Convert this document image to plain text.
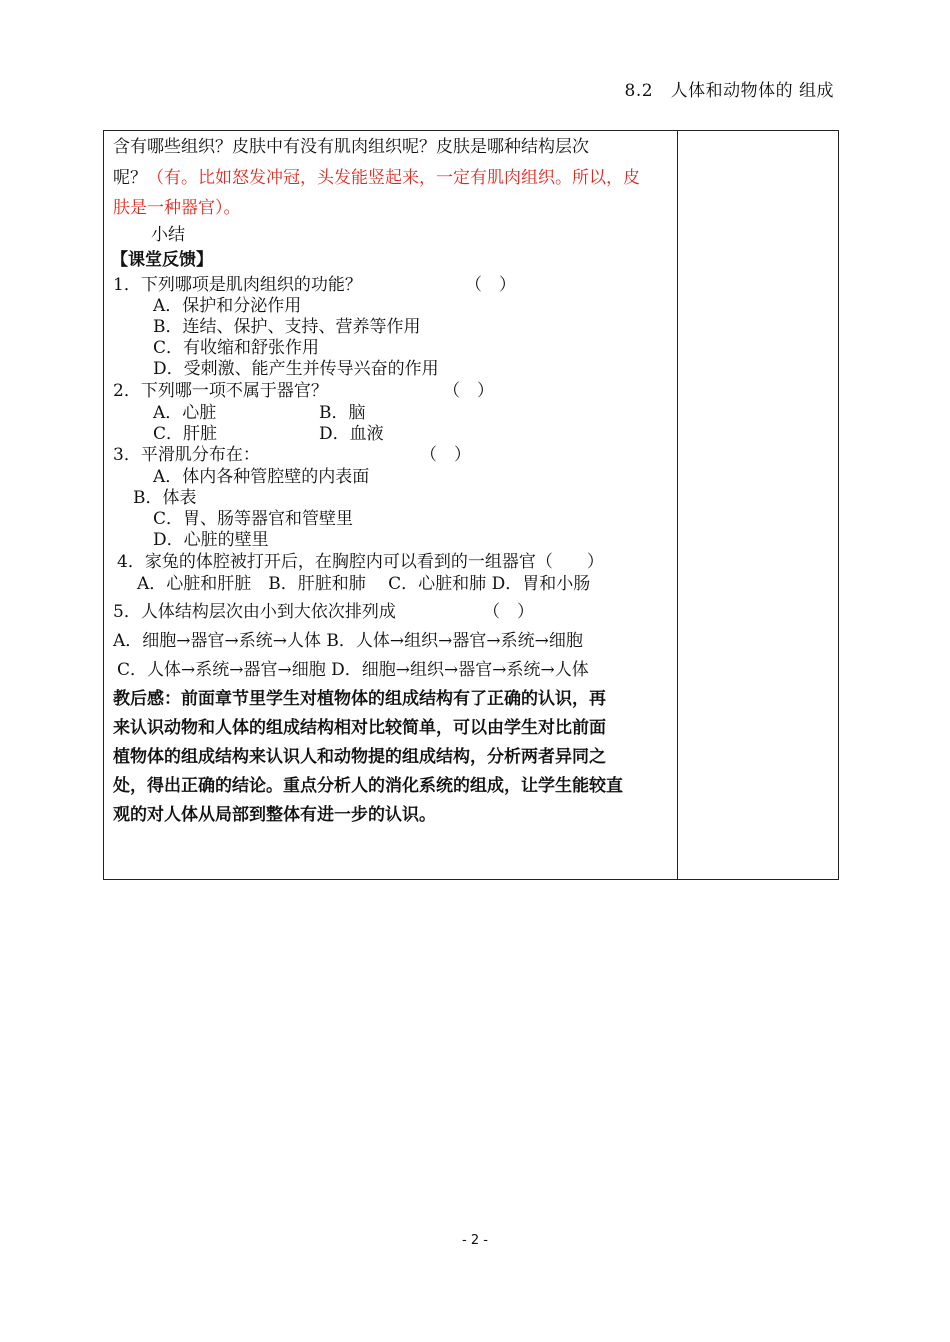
8.2　人体和动物体的 组成
含有哪些组织？皮肤中有没有肌肉组织呢？皮肤是哪种结构层次
呢？（有。比如怒发冲冠，头发能竖起来，一定有肌肉组织。所以，皮
肤是一种器官）。
小结
【课堂反馈】
1．下列哪项是肌肉组织的功能？	（　）
A．保护和分泌作用
B．连结、保护、支持、营养等作用
C．有收缩和舒张作用
D．受刺激、能产生并传导兴奋的作用
2．下列哪一项不属于器官？	（　）
A．心脏	B．脑
C．肝脏	D．血液
3．平滑肌分布在：	（　）
A．体内各种管腔壁的内表面
B．体表
C．胃、肠等器官和管壁里
D．心脏的壁里
4．家兔的体腔被打开后，在胸腔内可以看到的一组器官（　　）
A．心脏和肝脏　B．肝脏和肺　 C．心脏和肺 D．胃和小肠
5．人体结构层次由小到大依次排列成	（　）
A．细胞→器官→系统→人体 B．人体→组织→器官→系统→细胞
C．人体→系统→器官→细胞 D．细胞→组织→器官→系统→人体
教后感：前面章节里学生对植物体的组成结构有了正确的认识，再
来认识动物和人体的组成结构相对比较简单，可以由学生对比前面
植物体的组成结构来认识人和动物提的组成结构，分析两者异同之
处，得出正确的结论。重点分析人的消化系统的组成，让学生能较直
观的对人体从局部到整体有进一步的认识。
- 2 -
